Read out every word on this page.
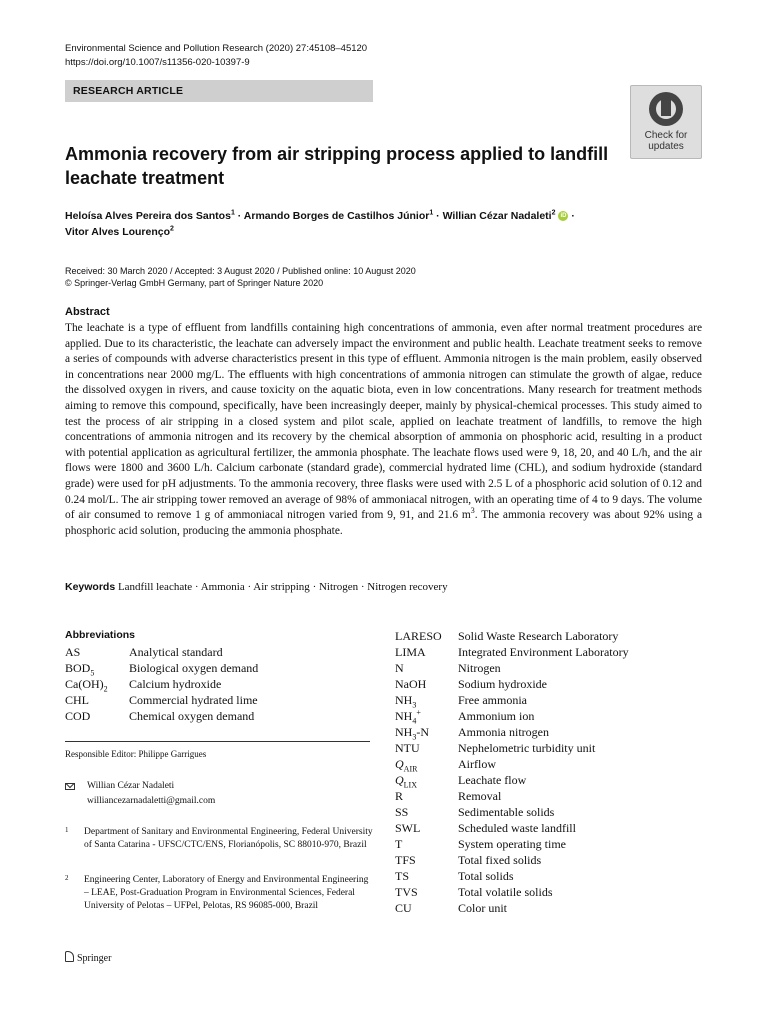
Environmental Science and Pollution Research (2020) 27:45108–45120
https://doi.org/10.1007/s11356-020-10397-9
RESEARCH ARTICLE
Check for
updates
Ammonia recovery from air stripping process applied to landfill leachate treatment
Heloísa Alves Pereira dos Santos$^1$ · Armando Borges de Castilhos Júnior$^1$ · Willian Cézar Nadaleti$^2$ iD ·
Vitor Alves Lourenço$^2$
Received: 30 March 2020 / Accepted: 3 August 2020 / Published online: 10 August 2020
© Springer-Verlag GmbH Germany, part of Springer Nature 2020
Abstract
The leachate is a type of effluent from landfills containing high concentrations of ammonia, even after normal treatment procedures are applied. Due to its characteristic, the leachate can adversely impact the environment and public health. Leachate treatment seeks to remove a series of compounds with adverse characteristics present in this type of effluent. Ammonia nitrogen is the main problem, easily observed in concentrations near 2000 mg/L. The effluents with high concentrations of ammonia nitrogen can stimulate the growth of algae, reduce the dissolved oxygen in rivers, and cause toxicity on the aquatic biota, even in low concentrations. Many research for treatment methods aiming to remove this compound, specifically, have been increasingly deeper, mainly by physical-chemical processes. This study aimed to test the process of air stripping in a closed system and pilot scale, applied on leachate treatment of landfills, to remove the high concentrations of ammonia nitrogen and its recovery by the chemical absorption of ammonia on phosphoric acid, resulting in a product with potential application as agricultural fertilizer, the ammonia phosphate. The leachate flows used were 9, 18, 20, and 40 L/h, and the air flows were 1800 and 3600 L/h. Calcium carbonate (standard grade), commercial hydrated lime (CHL), and sodium hydroxide (standard grade) were used for pH adjustments. To the ammonia recovery, three flasks were used with 2.5 L of a phosphoric acid solution of 0.12 and 0.24 mol/L. The air stripping tower removed an average of 98% of ammoniacal nitrogen, with an operating time of 4 to 9 days. The volume of air consumed to remove 1 g of ammoniacal nitrogen varied from 9, 91, and 21.6 $m^3$. The ammonia recovery was about 92% using a phosphoric acid solution, producing the ammonia phosphate.
Keywords Landfill leachate · Ammonia · Air stripping · Nitrogen · Nitrogen recovery
Abbreviations
AS	Analytical standard
$BOD_5$	Biological oxygen demand
$Ca(OH)_2$ Calcium hydroxide
CHL	Commercial hydrated lime
COD	Chemical oxygen demand
LARESO Solid Waste Research Laboratory
LIMA	Integrated Environment Laboratory
N	Nitrogen
NaOH	Sodium hydroxide
$NH_3$	Free ammonia
$NH_4^+$	Ammonium ion
$NH_3-N$ Ammonia nitrogen
NTU	Nephelometric turbidity unit
$Q_{AIR}$	Airflow
$Q_{LIX}$	Leachate flow
R	Removal
SS	Sedimentable solids
SWL	Scheduled waste landfill
T	System operating time
TFS	Total fixed solids
TS	Total solids
TVS	Total volatile solids
CU	Color unit
Responsible Editor: Philippe Garrigues
Willian Cézar Nadaleti
williancezarnadaletti@gmail.com
1 Department of Sanitary and Environmental Engineering, Federal University of Santa Catarina - UFSC/CTC/ENS, Florianópolis, SC 88010-970, Brazil
2 Engineering Center, Laboratory of Energy and Environmental Engineering – LEAE, Post-Graduation Program in Environmental Sciences, Federal University of Pelotas – UFPel, Pelotas, RS 96085-000, Brazil
Springer
